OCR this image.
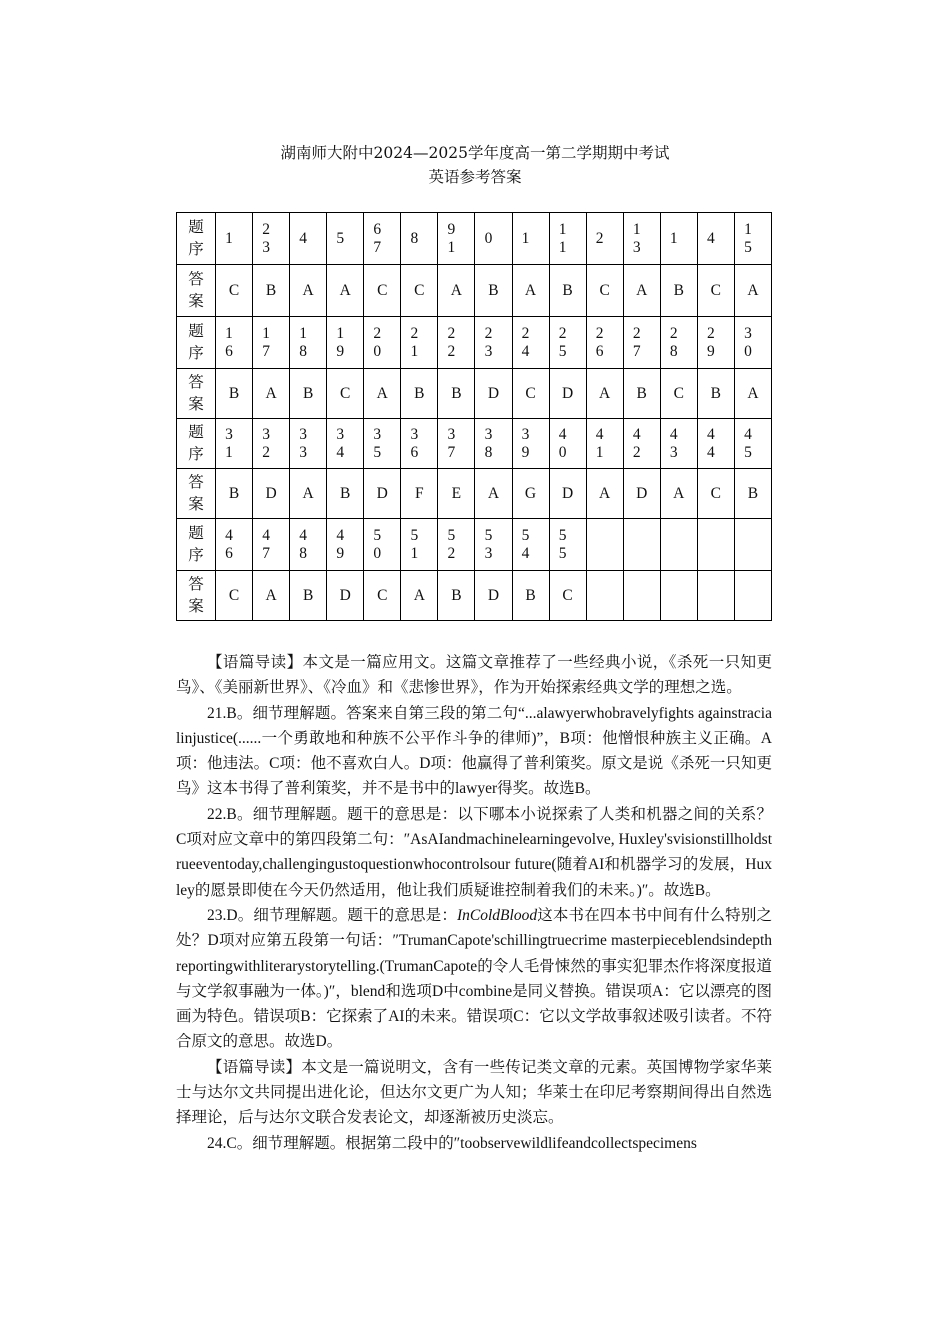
湖南师大附中2024—2025学年度高一第二学期期中考试
英语参考答案
题
序	1	2 3	4	5	6 7	8	9 1	0	1	1 1	2	1 3	1	4	1 5

答
案	C	B	A	A	C	C	A	B	A	B	C	A	B	C	A

题
序	1 6	1 7	1 8	1 9	2 0	2 1	2 2	2 3	2 4	2 5	2 6	2 7	2 8	2 9	3 0

答
案	B	A	B	C	A	B	B	D	C	D	A	B	C	B	A

题
序	3 1	3 2	3 3	3 4	3 5	3 6	3 7	3 8	3 9	4 0	4 1	4 2	4 3	4 4	4 5

答
案	B	D	A	B	D	F	E	A	G	D	A	D	A	C	B

题
序	4 6	4 7	4 8	4 9	5 0	5 1	5 2	5 3	5 4	5 5					

答
案	C	A	B	D	C	A	B	D	B	C					

【语篇导读】本文是一篇应用文。这篇文章推荐了一些经典小说，《杀死一只知更鸟》、《美丽新世界》、《冷血》和《悲惨世界》，作为开始探索经典文学的理想之选。

21.B。细节理解题。答案来自第三段的第二句“...alawyerwhobravelyfights againstracialinjustice(......一个勇敢地和种族不公平作斗争的律师)”，B项：他憎恨种族主义正确。A项：他违法。C项：他不喜欢白人。D项：他赢得了普利策奖。原文是说《杀死一只知更鸟》这本书得了普利策奖，并不是书中的lawyer得奖。故选B。

22.B。细节理解题。题干的意思是：以下哪本小说探索了人类和机器之间的关系？C项对应文章中的第四段第二句：″AsAIandmachinelearningevolve, Huxley'svisionstillholdstrueeventoday,challengingustoquestionwhocontrolsour future(随着AI和机器学习的发展，Huxley的愿景即使在今天仍然适用，他让我们质疑谁控制着我们的未来。)″。故选B。

23.D。细节理解题。题干的意思是：InColdBlood这本书在四本书中间有什么特别之处？D项对应第五段第一句话：″TrumanCapote'schillingtruecrime masterpieceblendsindepthreportingwithliterarystorytelling.(TrumanCapote的令人毛骨悚然的事实犯罪杰作将深度报道与文学叙事融为一体。)″，blend和选项D中combine是同义替换。错误项A：它以漂亮的图画为特色。错误项B：它探索了AI的未来。错误项C：它以文学故事叙述吸引读者。不符合原文的意思。故选D。

【语篇导读】本文是一篇说明文，含有一些传记类文章的元素。英国博物学家华莱士与达尔文共同提出进化论，但达尔文更广为人知；华莱士在印尼考察期间得出自然选择理论，后与达尔文联合发表论文，却逐渐被历史淡忘。

24.C。细节理解题。根据第二段中的″toobservewildlifeandcollectspecimens
